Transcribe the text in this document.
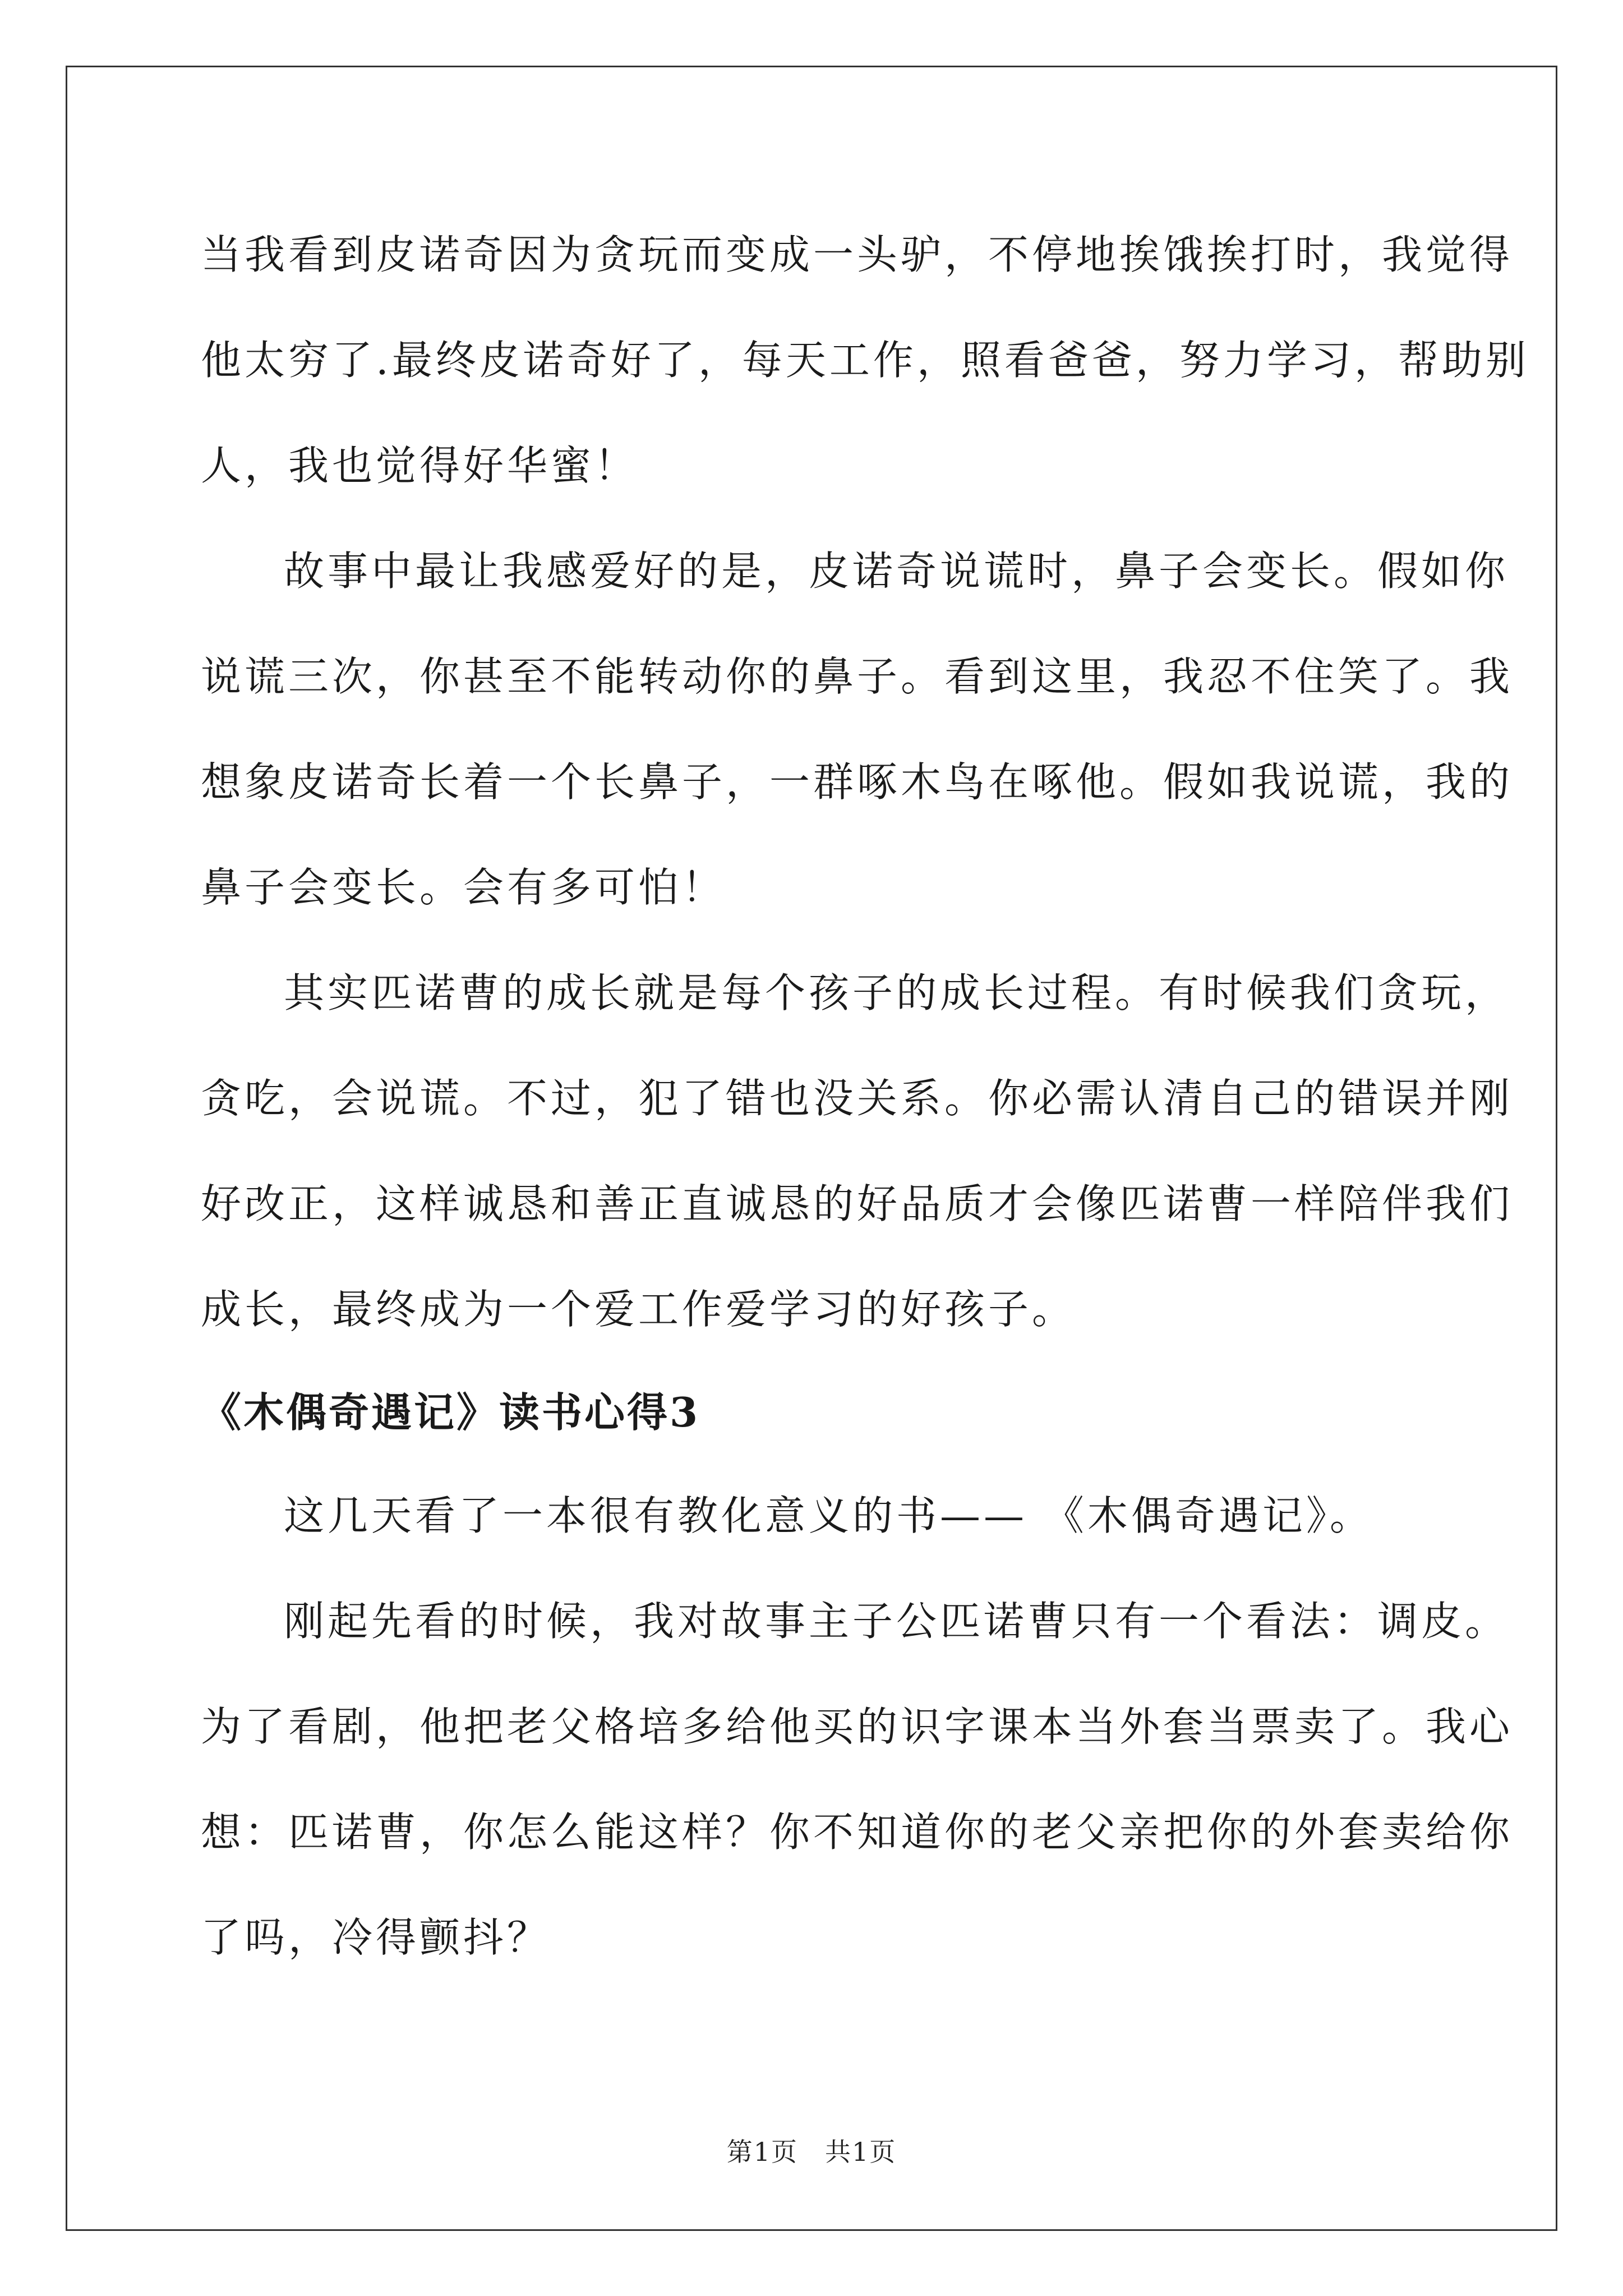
当我看到皮诺奇因为贪玩而变成一头驴，不停地挨饿挨打时，我觉得
他太穷了.最终皮诺奇好了，每天工作，照看爸爸，努力学习，帮助别
人，我也觉得好华蜜！

故事中最让我感爱好的是，皮诺奇说谎时，鼻子会变长。假如你
说谎三次，你甚至不能转动你的鼻子。看到这里，我忍不住笑了。我
想象皮诺奇长着一个长鼻子，一群啄木鸟在啄他。假如我说谎，我的
鼻子会变长。会有多可怕！

其实匹诺曹的成长就是每个孩子的成长过程。有时候我们贪玩，
贪吃，会说谎。不过，犯了错也没关系。你必需认清自己的错误并刚
好改正，这样诚恳和善正直诚恳的好品质才会像匹诺曹一样陪伴我们
成长，最终成为一个爱工作爱学习的好孩子。

《木偶奇遇记》读书心得3

这几天看了一本很有教化意义的书—— 《木偶奇遇记》。

刚起先看的时候，我对故事主子公匹诺曹只有一个看法：调皮。
为了看剧，他把老父格培多给他买的识字课本当外套当票卖了。我心
想：匹诺曹，你怎么能这样？你不知道你的老父亲把你的外套卖给你
了吗，冷得颤抖？

第1页 共1页
